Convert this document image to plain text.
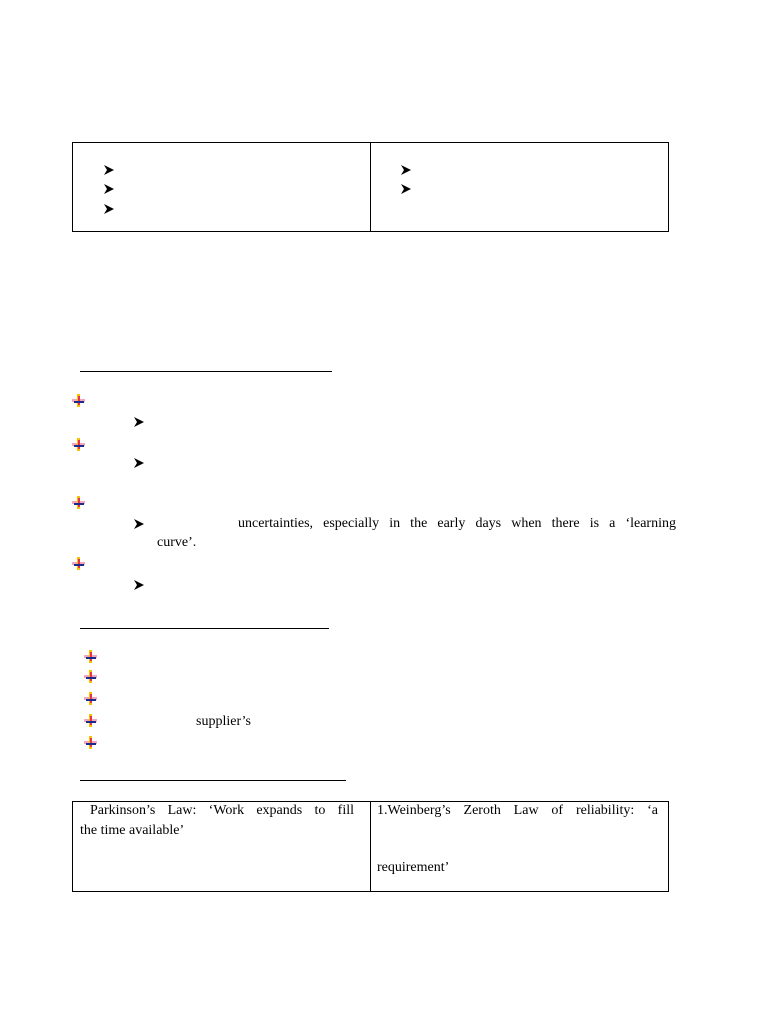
uncertainties, especially in the early days when there is a ‘learning
curve’.
supplier’s
Parkinson’s Law: ‘Work expands to fill
the time available’
1.Weinberg’s Zeroth Law of reliability: ‘a
requirement’
